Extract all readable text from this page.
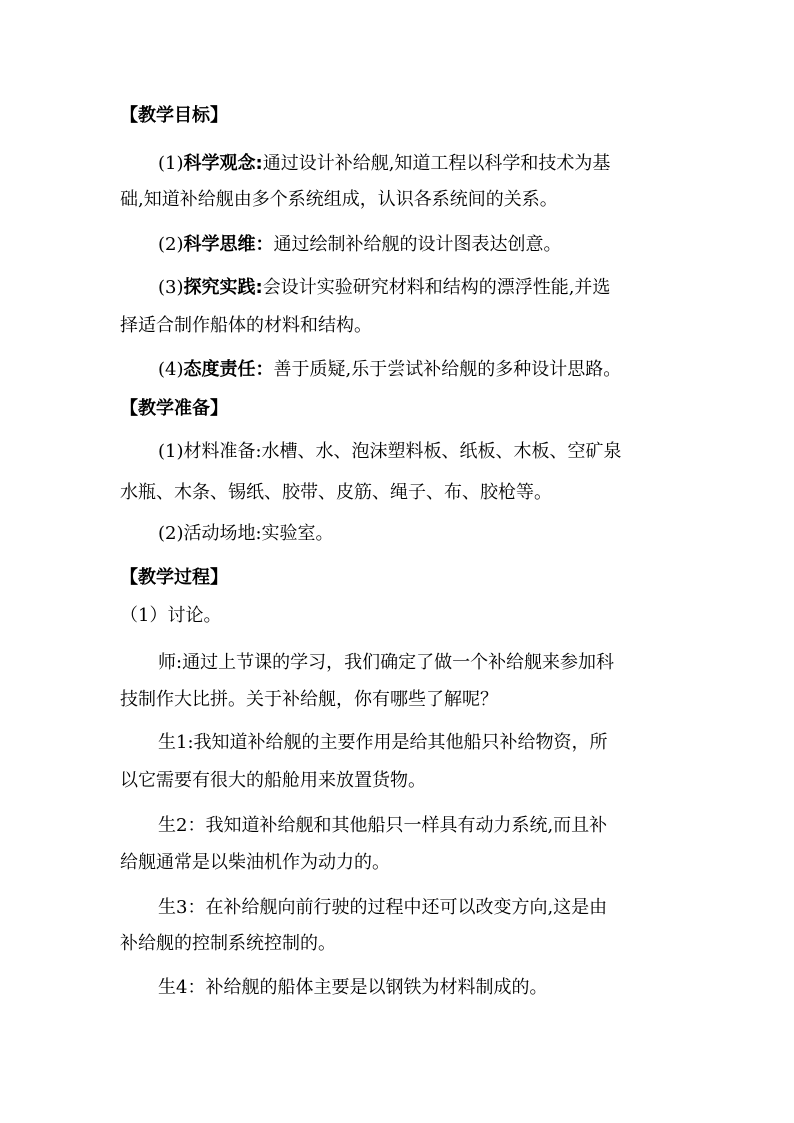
【教学目标】
(1)科学观念:通过设计补给舰,知道工程以科学和技术为基
础,知道补给舰由多个系统组成，认识各系统间的关系。
(2)科学思维：通过绘制补给舰的设计图表达创意。
(3)探究实践:会设计实验研究材料和结构的漂浮性能,并选
择适合制作船体的材料和结构。
(4)态度责任：善于质疑,乐于尝试补给舰的多种设计思路。
【教学准备】
(1)材料准备:水槽、水、泡沫塑料板、纸板、木板、空矿泉
水瓶、木条、锡纸、胶带、皮筋、绳子、布、胶枪等。
(2)活动场地:实验室。
【教学过程】
（1）讨论。
师:通过上节课的学习，我们确定了做一个补给舰来参加科
技制作大比拼。关于补给舰，你有哪些了解呢？
生1:我知道补给舰的主要作用是给其他船只补给物资，所
以它需要有很大的船舱用来放置货物。
生2：我知道补给舰和其他船只一样具有动力系统,而且补
给舰通常是以柴油机作为动力的。
生3：在补给舰向前行驶的过程中还可以改变方向,这是由
补给舰的控制系统控制的。
生4：补给舰的船体主要是以钢铁为材料制成的。
